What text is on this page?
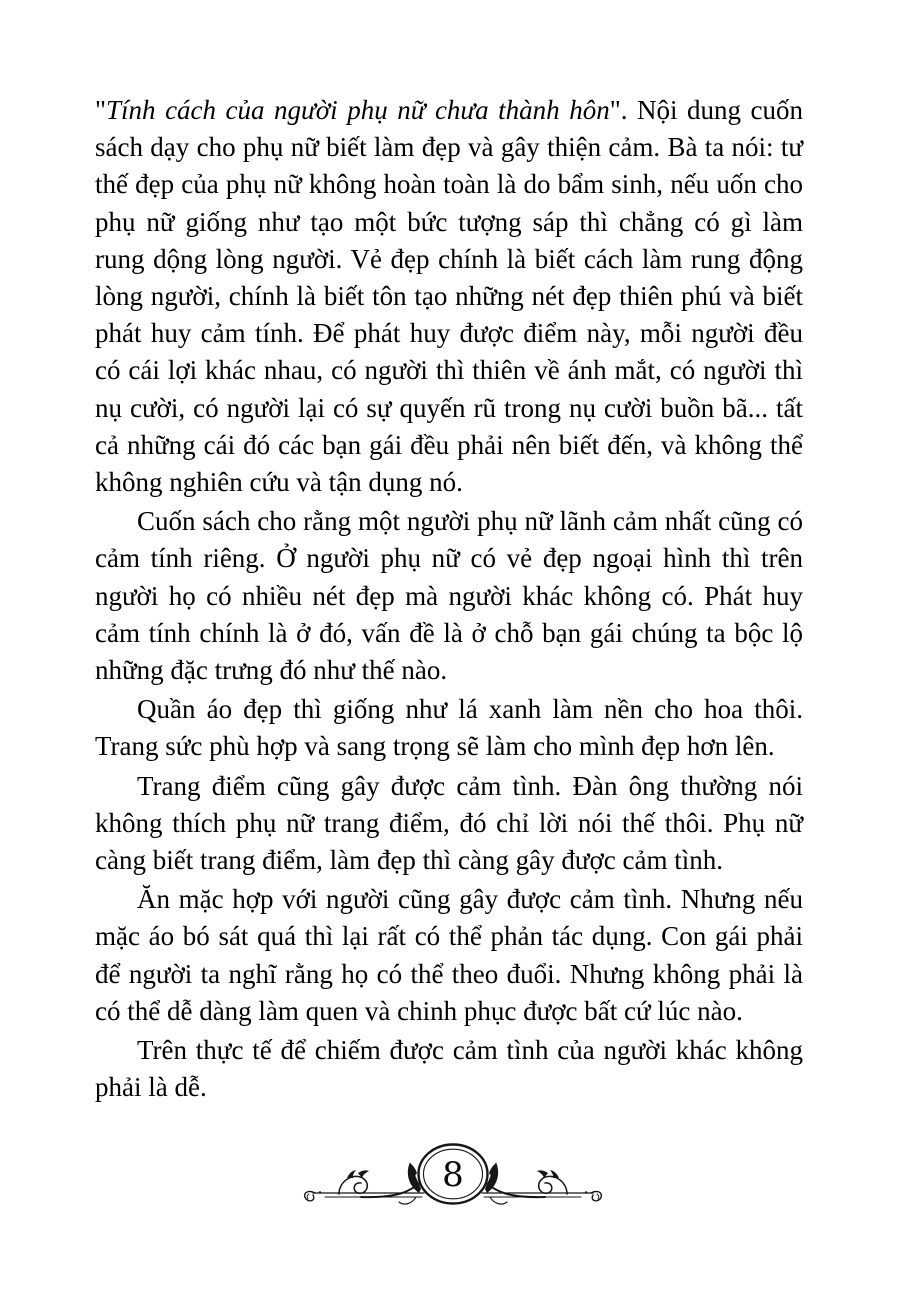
"Tính cách của người phụ nữ chưa thành hôn". Nội dung cuốn sách dạy cho phụ nữ biết làm đẹp và gây thiện cảm. Bà ta nói: tư thế đẹp của phụ nữ không hoàn toàn là do bẩm sinh, nếu uốn cho phụ nữ giống như tạo một bức tượng sáp thì chẳng có gì làm rung dộng lòng người. Vẻ đẹp chính là biết cách làm rung động lòng người, chính là biết tôn tạo những nét đẹp thiên phú và biết phát huy cảm tính. Để phát huy được điểm này, mỗi người đều có cái lợi khác nhau, có người thì thiên về ánh mắt, có người thì nụ cười, có người lại có sự quyến rũ trong nụ cười buồn bã... tất cả những cái đó các bạn gái đều phải nên biết đến, và không thể không nghiên cứu và tận dụng nó.

Cuốn sách cho rằng một người phụ nữ lãnh cảm nhất cũng có cảm tính riêng. Ở người phụ nữ có vẻ đẹp ngoại hình thì trên người họ có nhiều nét đẹp mà người khác không có. Phát huy cảm tính chính là ở đó, vấn đề là ở chỗ bạn gái chúng ta bộc lộ những đặc trưng đó như thế nào.

Quần áo đẹp thì giống như lá xanh làm nền cho hoa thôi. Trang sức phù hợp và sang trọng sẽ làm cho mình đẹp hơn lên.

Trang điểm cũng gây được cảm tình. Đàn ông thường nói không thích phụ nữ trang điểm, đó chỉ lời nói thế thôi. Phụ nữ càng biết trang điểm, làm đẹp thì càng gây được cảm tình.

Ăn mặc hợp với người cũng gây được cảm tình. Nhưng nếu mặc áo bó sát quá thì lại rất có thể phản tác dụng. Con gái phải để người ta nghĩ rằng họ có thể theo đuổi. Nhưng không phải là có thể dễ dàng làm quen và chinh phục được bất cứ lúc nào.

Trên thực tế để chiếm được cảm tình của người khác không phải là dễ.

8
